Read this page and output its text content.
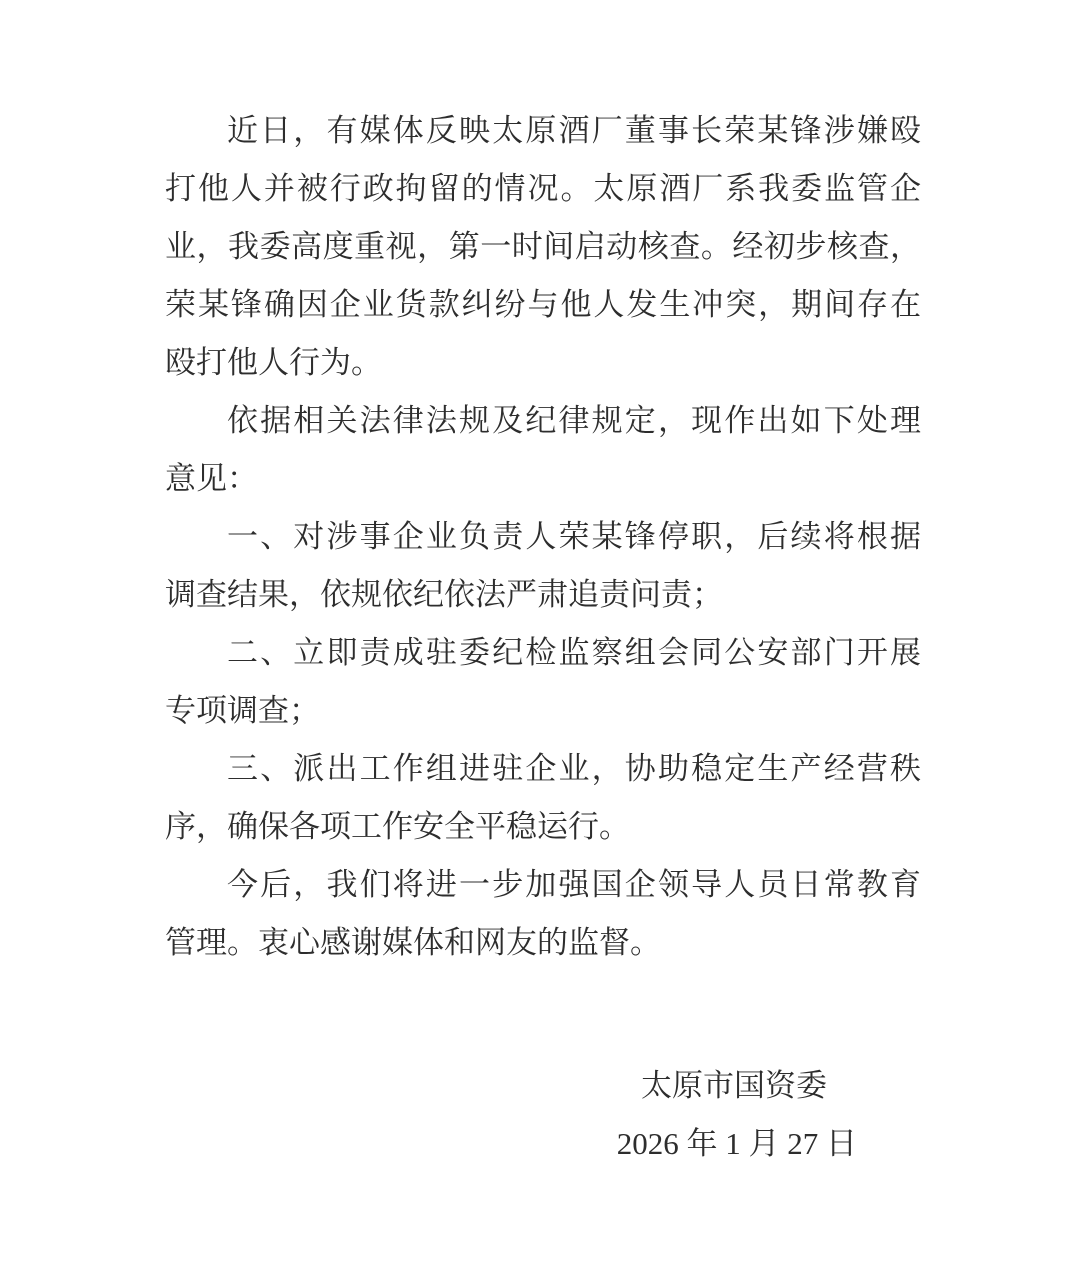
近日，有媒体反映太原酒厂董事长荣某锋涉嫌殴
打他人并被行政拘留的情况。太原酒厂系我委监管企
业，我委高度重视，第一时间启动核查。经初步核查，
荣某锋确因企业货款纠纷与他人发生冲突，期间存在
殴打他人行为。
依据相关法律法规及纪律规定，现作出如下处理
意见：
一、对涉事企业负责人荣某锋停职，后续将根据
调查结果，依规依纪依法严肃追责问责；
二、立即责成驻委纪检监察组会同公安部门开展
专项调查；
三、派出工作组进驻企业，协助稳定生产经营秩
序，确保各项工作安全平稳运行。
今后，我们将进一步加强国企领导人员日常教育
管理。衷心感谢媒体和网友的监督。
太原市国资委
2026 年 1 月 27 日
